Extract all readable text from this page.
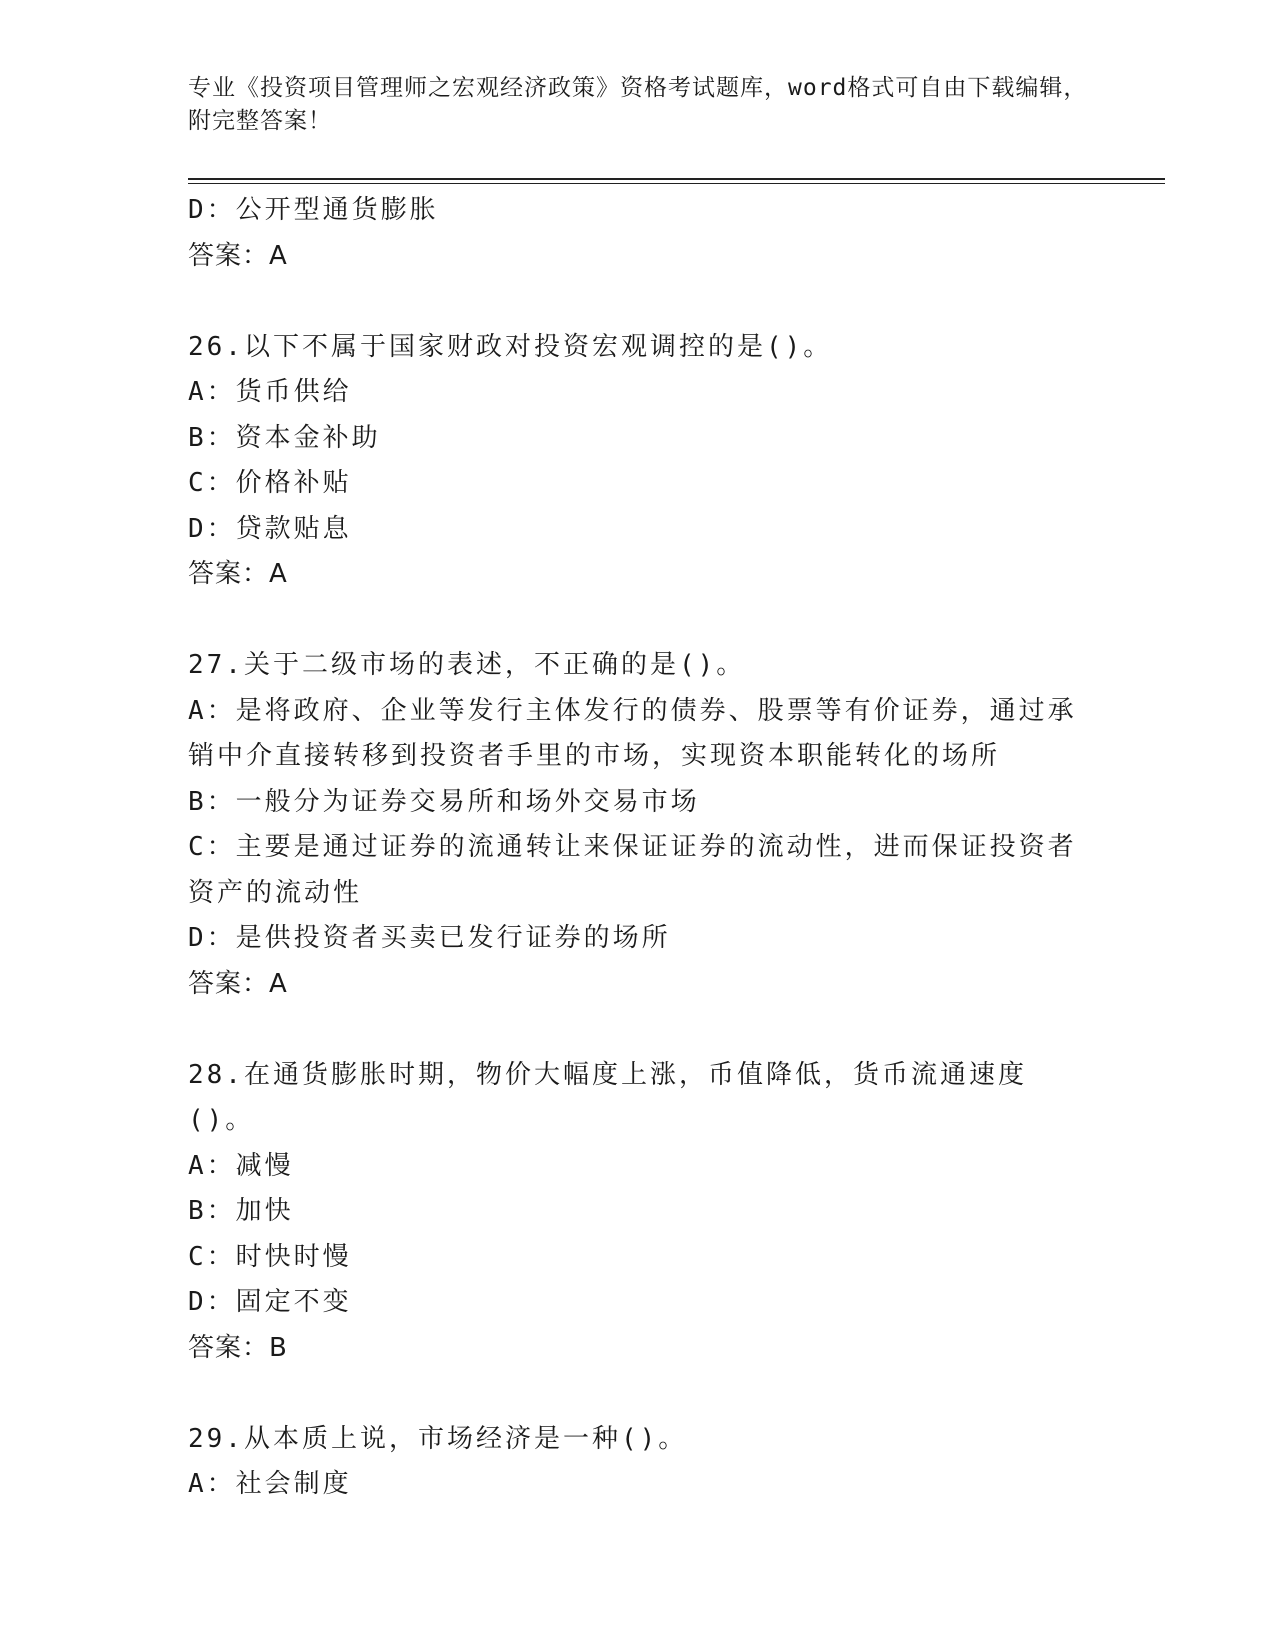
专业《投资项目管理师之宏观经济政策》资格考试题库，word格式可自由下载编辑，附完整答案！
D：公开型通货膨胀
答案：A
26.以下不属于国家财政对投资宏观调控的是()。
A：货币供给
B：资本金补助
C：价格补贴
D：贷款贴息
答案：A
27.关于二级市场的表述，不正确的是()。
A：是将政府、企业等发行主体发行的债券、股票等有价证券，通过承销中介直接转移到投资者手里的市场，实现资本职能转化的场所
B：一般分为证券交易所和场外交易市场
C：主要是通过证券的流通转让来保证证券的流动性，进而保证投资者资产的流动性
D：是供投资者买卖已发行证券的场所
答案：A
28.在通货膨胀时期，物价大幅度上涨，币值降低，货币流通速度()。
A：减慢
B：加快
C：时快时慢
D：固定不变
答案：B
29.从本质上说，市场经济是一种()。
A：社会制度
